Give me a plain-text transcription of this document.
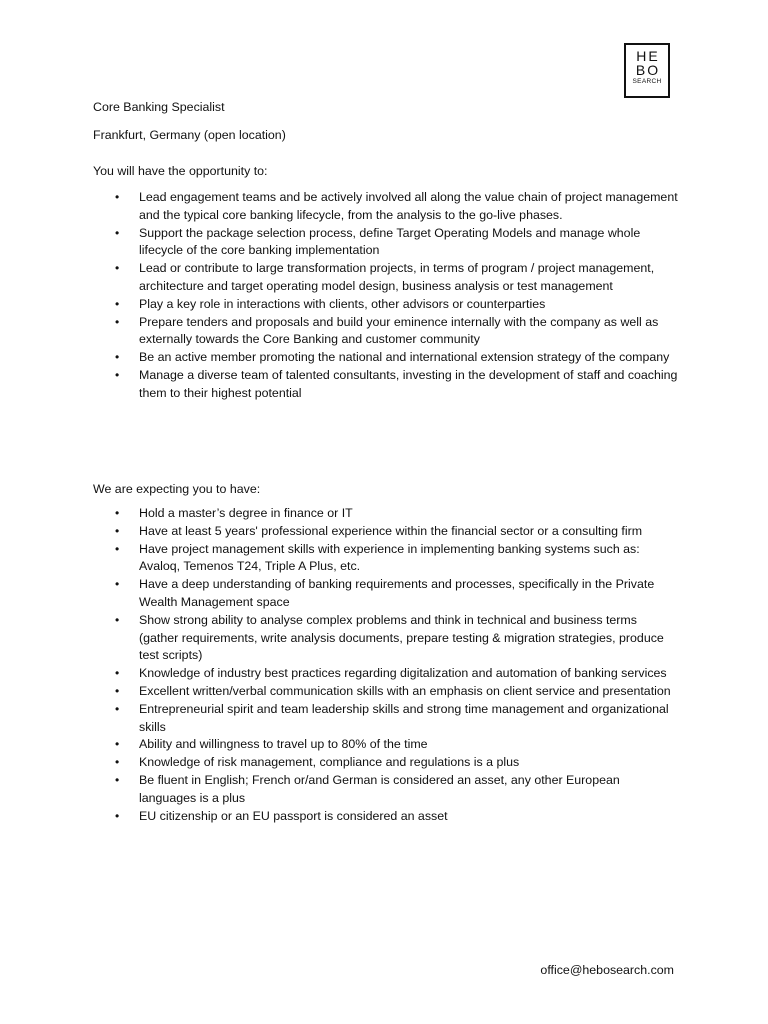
HE
BO
SEARCH
Core Banking Specialist
Frankfurt, Germany (open location)
You will have the opportunity to:
• Lead engagement teams and be actively involved all along the value chain of project management and the typical core banking lifecycle, from the analysis to the go-live phases.
• Support the package selection process, define Target Operating Models and manage whole lifecycle of the core banking implementation
• Lead or contribute to large transformation projects, in terms of program / project management, architecture and target operating model design, business analysis or test management
• Play a key role in interactions with clients, other advisors or counterparties
• Prepare tenders and proposals and build your eminence internally with the company as well as externally towards the Core Banking and customer community
• Be an active member promoting the national and international extension strategy of the company
• Manage a diverse team of talented consultants, investing in the development of staff and coaching them to their highest potential
We are expecting you to have:
• Hold a master’s degree in finance or IT
• Have at least 5 years' professional experience within the financial sector or a consulting firm
• Have project management skills with experience in implementing banking systems such as: Avaloq, Temenos T24, Triple A Plus, etc.
• Have a deep understanding of banking requirements and processes, specifically in the Private Wealth Management space
• Show strong ability to analyse complex problems and think in technical and business terms (gather requirements, write analysis documents, prepare testing & migration strategies, produce test scripts)
• Knowledge of industry best practices regarding digitalization and automation of banking services
• Excellent written/verbal communication skills with an emphasis on client service and presentation
• Entrepreneurial spirit and team leadership skills and strong time management and organizational skills
• Ability and willingness to travel up to 80% of the time
• Knowledge of risk management, compliance and regulations is a plus
• Be fluent in English; French or/and German is considered an asset, any other European languages is a plus
• EU citizenship or an EU passport is considered an asset
office@hebosearch.com
